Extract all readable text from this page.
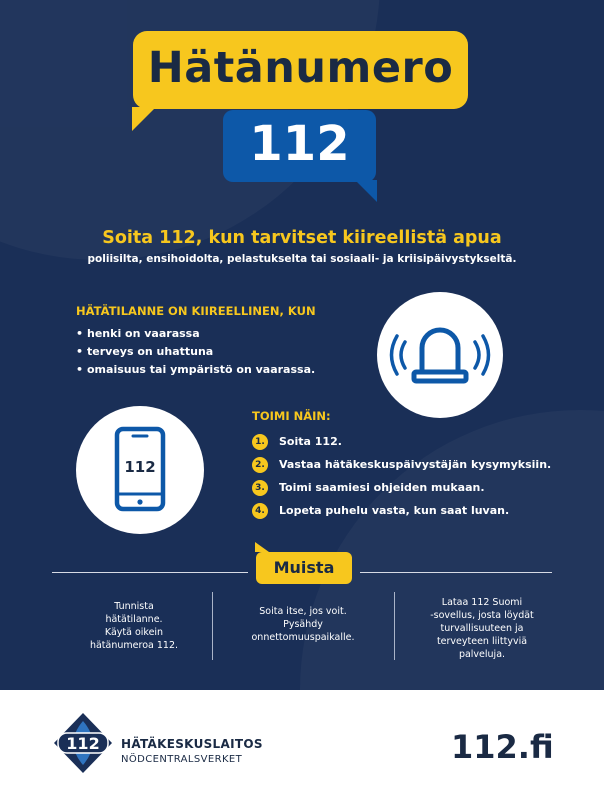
Hätänumero
112
Soita 112, kun tarvitset kiireellistä apua
poliisilta, ensihoidolta, pelastukselta tai sosiaali- ja kriisipäivystykseltä.
HÄTÄTILANNE ON KIIREELLINEN, KUN
• henki on vaarassa
• terveys on uhattuna
• omaisuus tai ympäristö on vaarassa.
112
TOIMI NÄIN:
1. Soita 112.
2. Vastaa hätäkeskuspäivystäjän kysymyksiin.
3. Toimi saamiesi ohjeiden mukaan.
4. Lopeta puhelu vasta, kun saat luvan.
Muista
Tunnista
hätätilanne.
Käytä oikein
hätänumeroa 112.
Soita itse, jos voit.
Pysähdy
onnettomuuspaikalle.
Lataa 112 Suomi
-sovellus, josta löydät
turvallisuuteen ja
terveyteen liittyviä
palveluja.
112 HÄTÄKESKUSLAITOS
NÖDCENTRALSVERKET	112.fi
